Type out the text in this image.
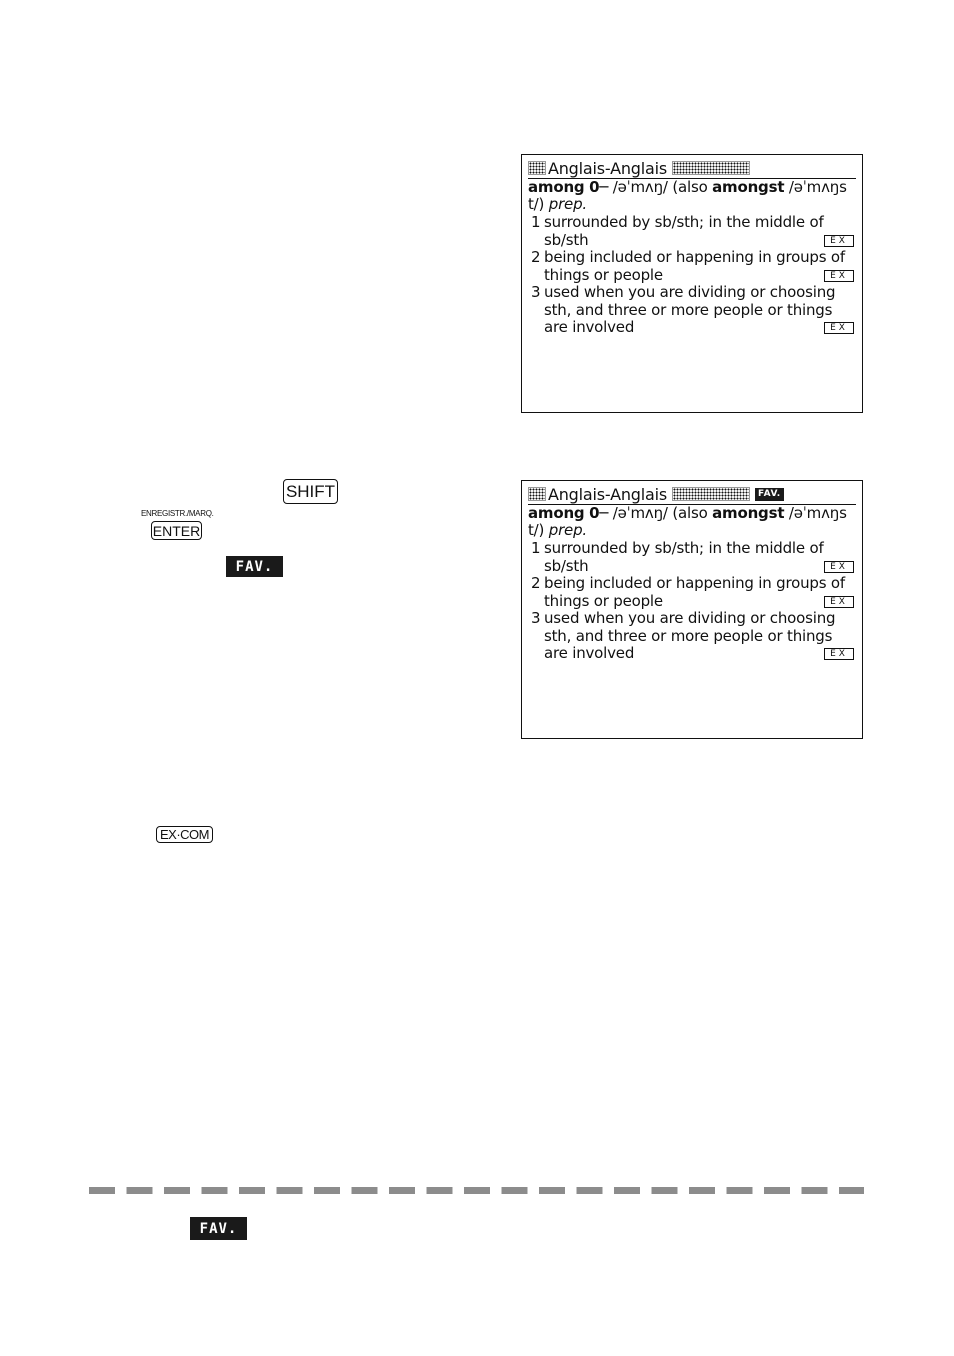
SHIFT
ENREGISTR./MARQ.
ENTER
FAV.
EX·COM
FAV.
Anglais-Anglais
among 0─ /əˈmʌŋ/ (also amongst /əˈmʌŋs
t/) prep.
1 surrounded by sb/sth; in the middle of
sb/sth	EX
2 being included or happening in groups of
things or people	EX
3 used when you are dividing or choosing
sth, and three or more people or things
are involved	EX
Anglais-Anglais	FAV.
among 0─ /əˈmʌŋ/ (also amongst /əˈmʌŋs
t/) prep.
1 surrounded by sb/sth; in the middle of
sb/sth	EX
2 being included or happening in groups of
things or people	EX
3 used when you are dividing or choosing
sth, and three or more people or things
are involved	EX
